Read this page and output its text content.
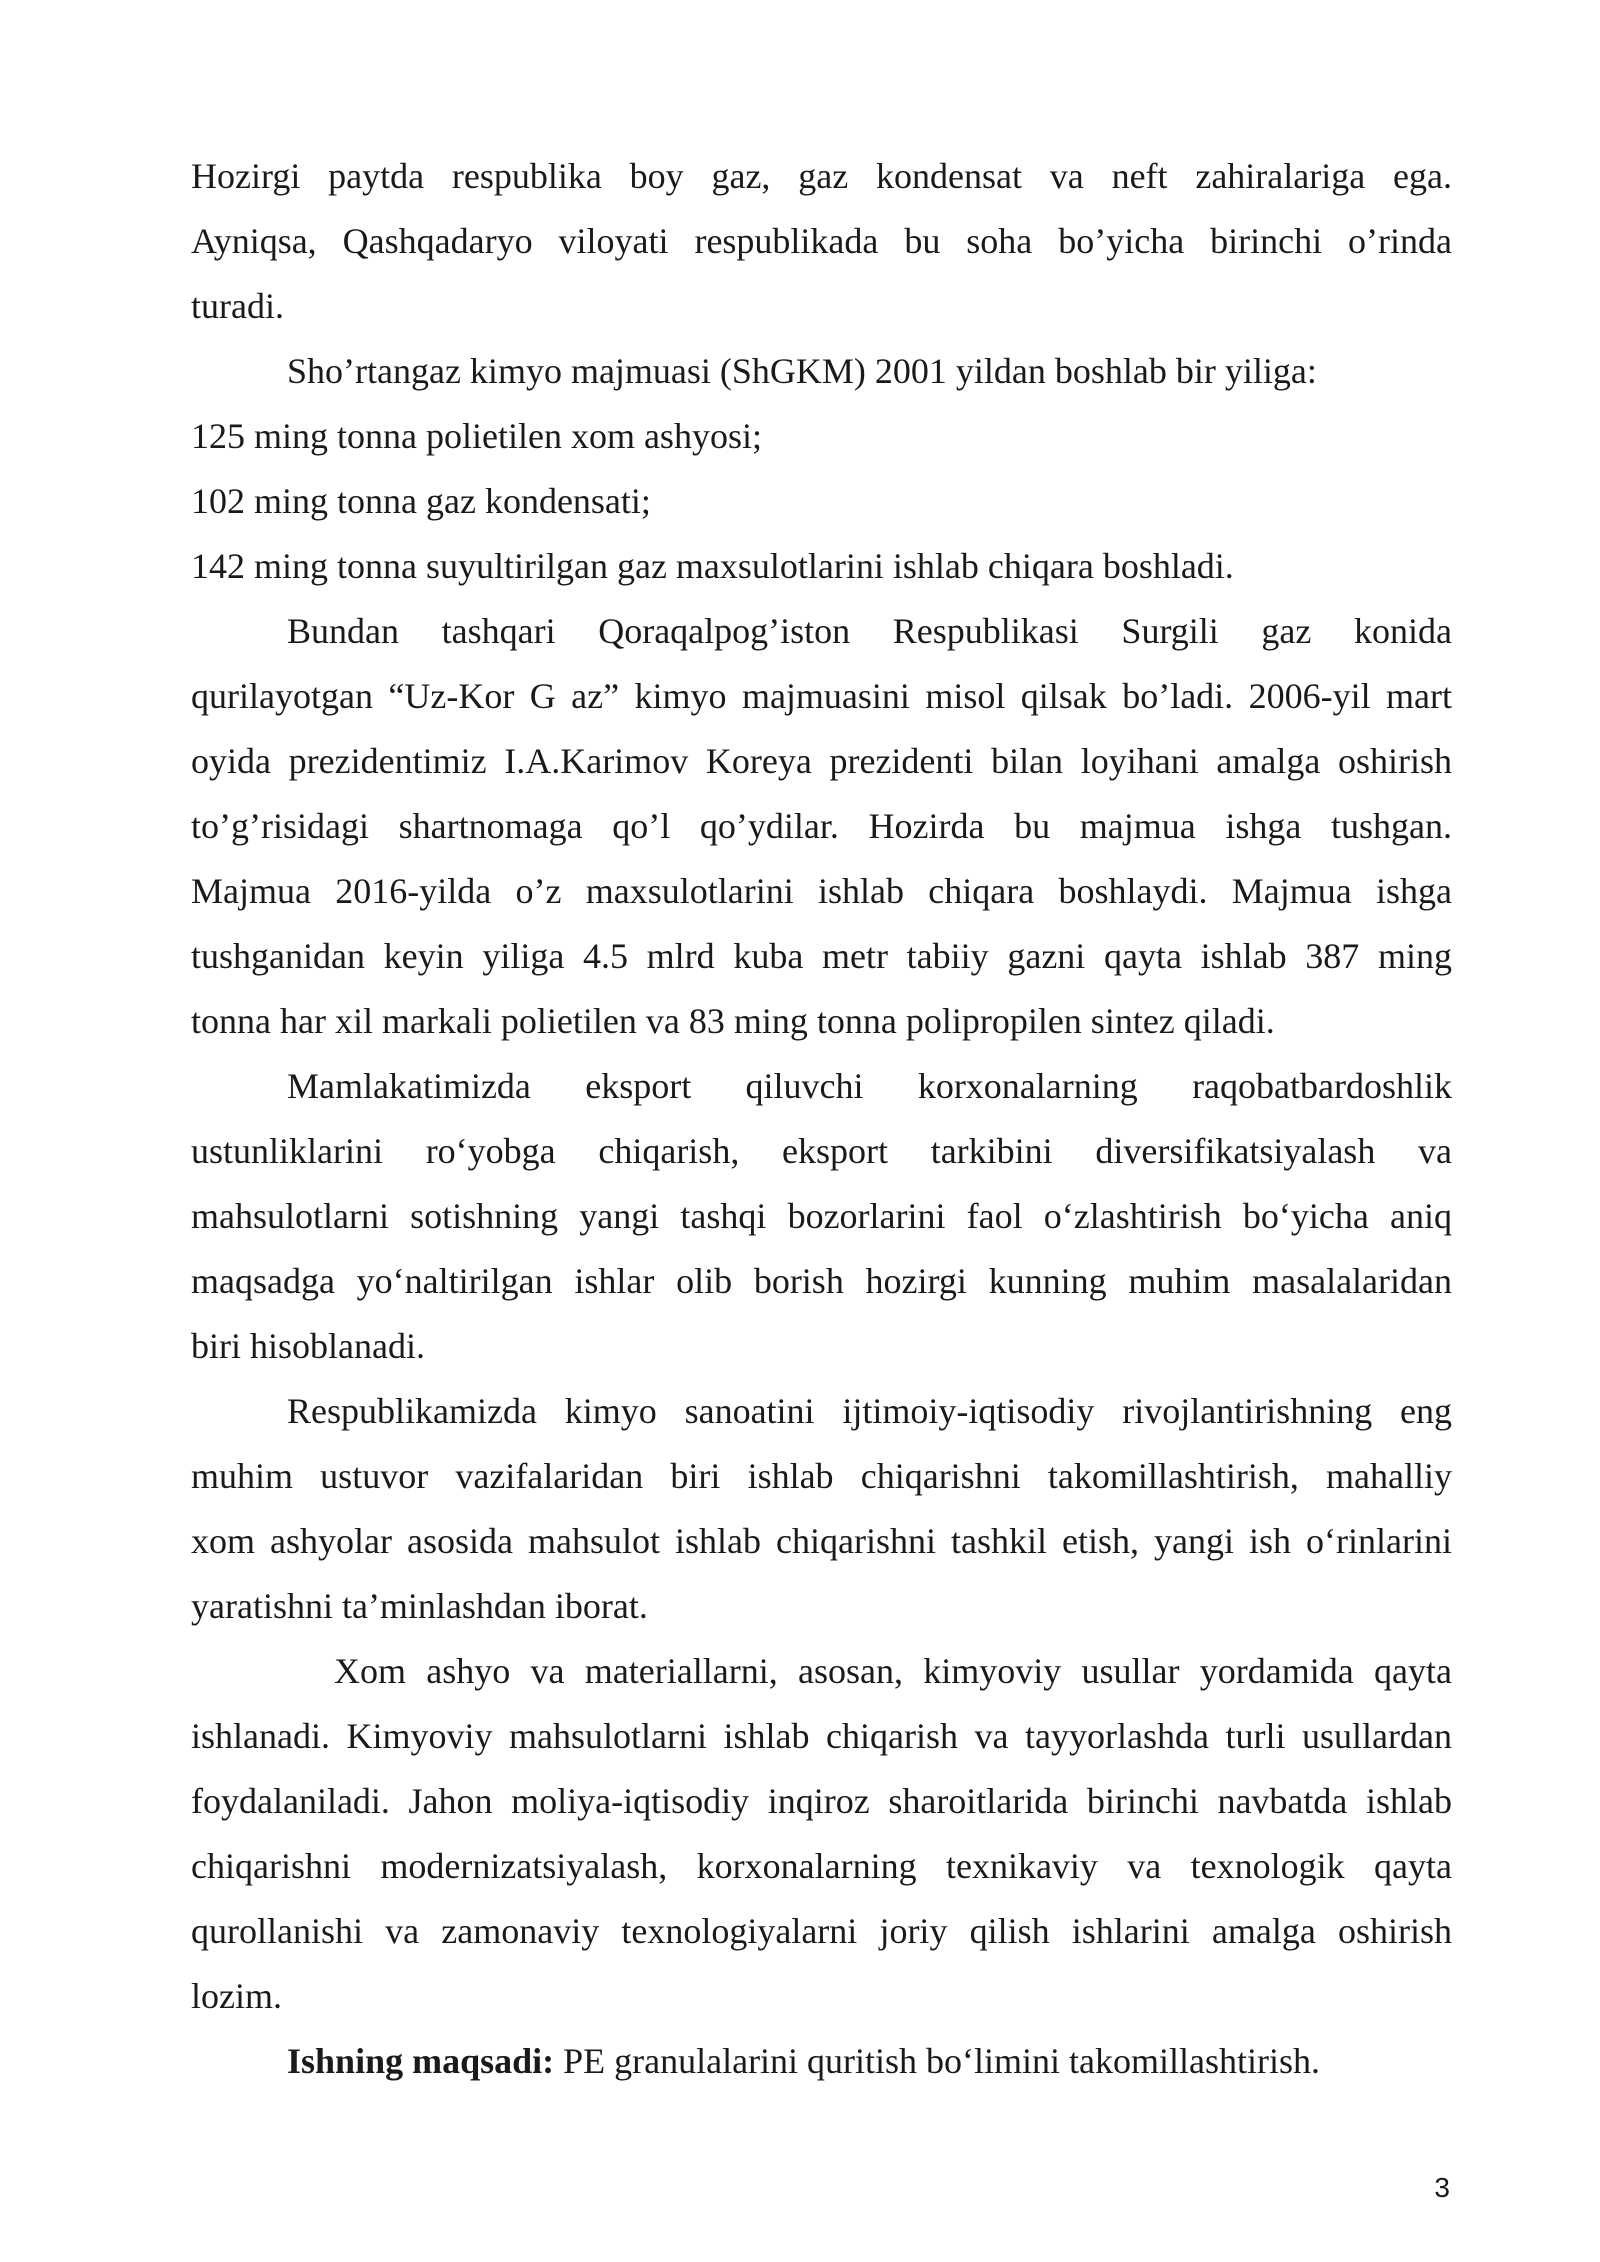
Hozirgi paytda respublika boy gaz, gaz kondensat va neft zahiralariga ega.
Ayniqsa, Qashqadaryo viloyati respublikada bu soha bo’yicha birinchi o’rinda
turadi.
Sho’rtangaz kimyo majmuasi (ShGKM) 2001 yildan boshlab bir yiliga:
125 ming tonna polietilen xom ashyosi;
102 ming tonna gaz kondensati;
142 ming tonna suyultirilgan gaz maxsulotlarini ishlab chiqara boshladi.
Bundan tashqari Qoraqalpog’iston Respublikasi Surgili gaz konida
qurilayotgan “Uz-Kor G az” kimyo majmuasini misol qilsak bo’ladi. 2006-yil mart
oyida prezidentimiz I.A.Karimov Koreya prezidenti bilan loyihani amalga oshirish
to’g’risidagi shartnomaga qo’l qo’ydilar. Hozirda bu majmua ishga tushgan.
Majmua 2016-yilda o’z maxsulotlarini ishlab chiqara boshlaydi. Majmua ishga
tushganidan keyin yiliga 4.5 mlrd kuba metr tabiiy gazni qayta ishlab 387 ming
tonna har xil markali polietilen va 83 ming tonna polipropilen sintez qiladi.
Mamlakatimizda eksport qiluvchi korxonalarning raqobatbardoshlik
ustunliklarini ro‘yobga chiqarish, eksport tarkibini diversifikatsiyalash va
mahsulotlarni sotishning yangi tashqi bozorlarini faol o‘zlashtirish bo‘yicha aniq
maqsadga yo‘naltirilgan ishlar olib borish hozirgi kunning muhim masalalaridan
biri hisoblanadi.
Respublikamizda kimyo sanoatini ijtimoiy-iqtisodiy rivojlantirishning eng
muhim ustuvor vazifalaridan biri ishlab chiqarishni takomillashtirish, mahalliy
xom ashyolar asosida mahsulot ishlab chiqarishni tashkil etish, yangi ish o‘rinlarini
yaratishni ta’minlashdan iborat.
Xom ashyo va materiallarni, asosan, kimyoviy usullar yordamida qayta
ishlanadi. Kimyoviy mahsulotlarni ishlab chiqarish va tayyorlashda turli usullardan
foydalaniladi. Jahon moliya-iqtisodiy inqiroz sharoitlarida birinchi navbatda ishlab
chiqarishni modernizatsiyalash, korxonalarning texnikaviy va texnologik qayta
qurollanishi va zamonaviy texnologiyalarni joriy qilish ishlarini amalga oshirish
lozim.
Ishning maqsadi: PE granulalarini quritish bo‘limini takomillashtirish.
3
